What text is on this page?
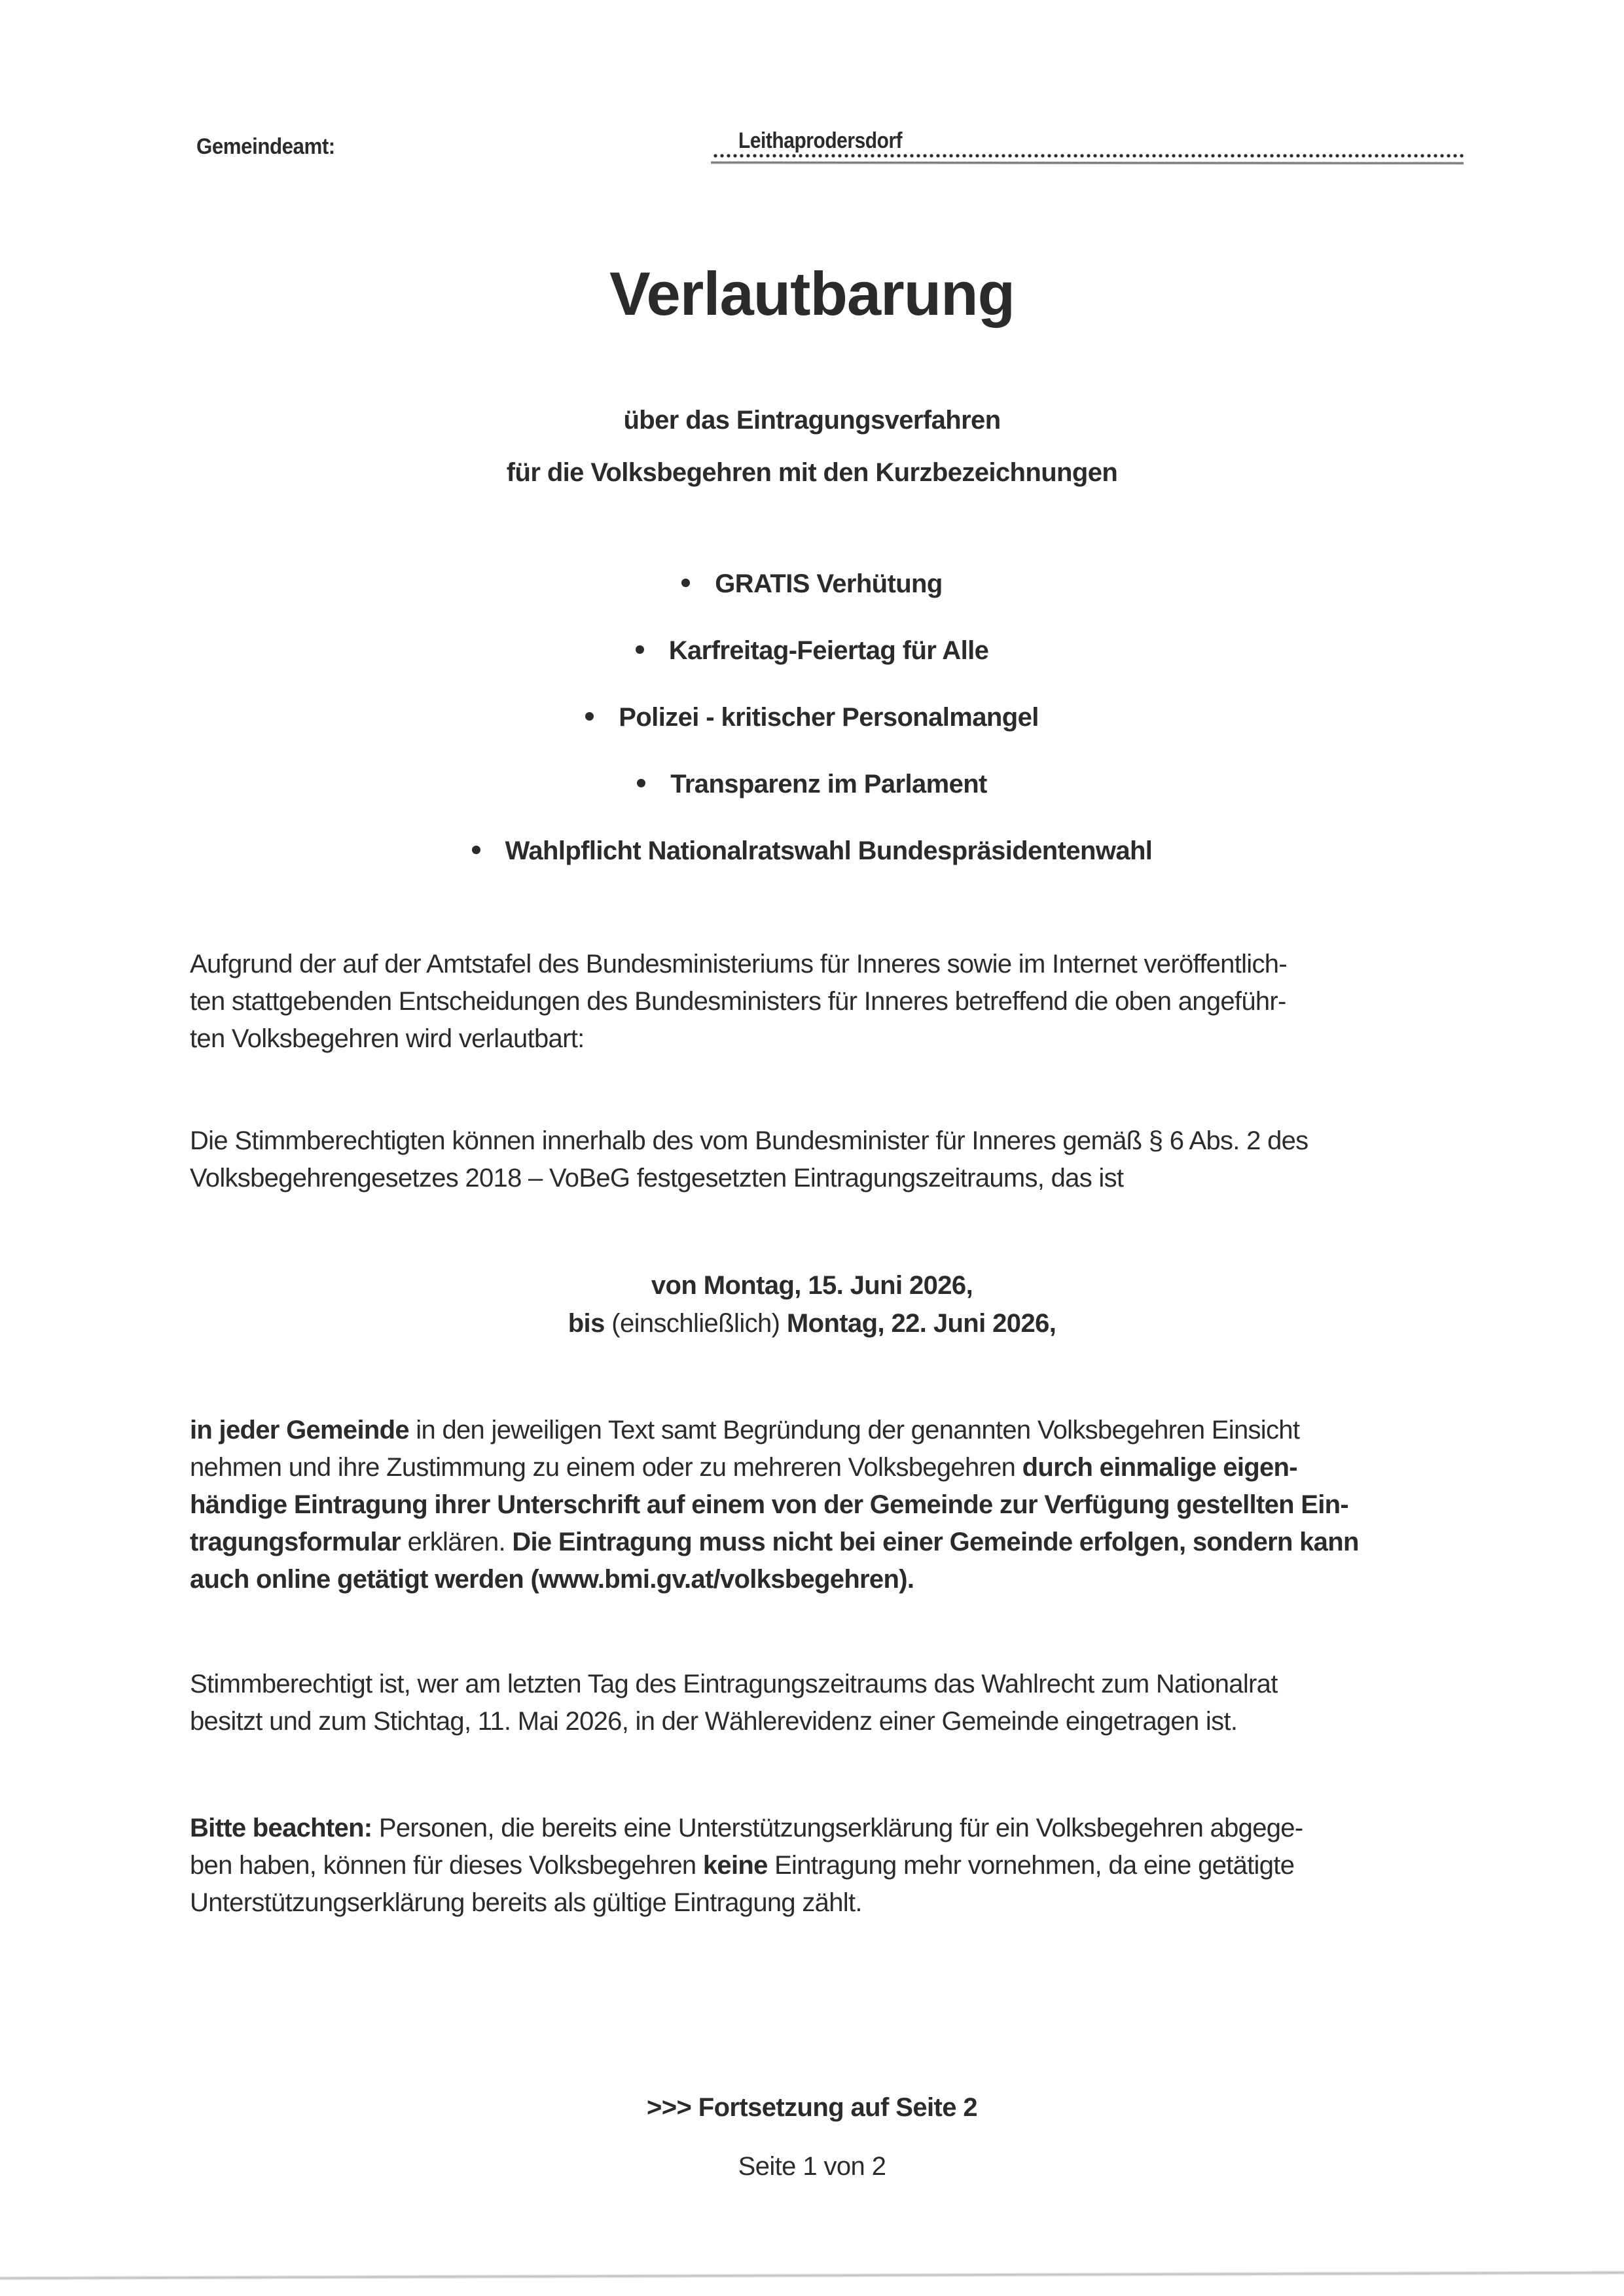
Gemeindeamt:	Leithaprodersdorf
Verlautbarung
über das Eintragungsverfahren
für die Volksbegehren mit den Kurzbezeichnungen
GRATIS Verhütung
Karfreitag-Feiertag für Alle
Polizei - kritischer Personalmangel
Transparenz im Parlament
Wahlpflicht Nationalratswahl Bundespräsidentenwahl
Aufgrund der auf der Amtstafel des Bundesministeriums für Inneres sowie im Internet veröffentlich-
ten stattgebenden Entscheidungen des Bundesministers für Inneres betreffend die oben angeführ-
ten Volksbegehren wird verlautbart:
Die Stimmberechtigten können innerhalb des vom Bundesminister für Inneres gemäß § 6 Abs. 2 des
Volksbegehrengesetzes 2018 – VoBeG festgesetzten Eintragungszeitraums, das ist
von Montag, 15. Juni 2026,
bis (einschließlich) Montag, 22. Juni 2026,
in jeder Gemeinde in den jeweiligen Text samt Begründung der genannten Volksbegehren Einsicht
nehmen und ihre Zustimmung zu einem oder zu mehreren Volksbegehren durch einmalige eigen-
händige Eintragung ihrer Unterschrift auf einem von der Gemeinde zur Verfügung gestellten Ein-
tragungsformular erklären. Die Eintragung muss nicht bei einer Gemeinde erfolgen, sondern kann
auch online getätigt werden (www.bmi.gv.at/volksbegehren).
Stimmberechtigt ist, wer am letzten Tag des Eintragungszeitraums das Wahlrecht zum Nationalrat
besitzt und zum Stichtag, 11. Mai 2026, in der Wählerevidenz einer Gemeinde eingetragen ist.
Bitte beachten: Personen, die bereits eine Unterstützungserklärung für ein Volksbegehren abgege-
ben haben, können für dieses Volksbegehren keine Eintragung mehr vornehmen, da eine getätigte
Unterstützungserklärung bereits als gültige Eintragung zählt.
>>> Fortsetzung auf Seite 2
Seite 1 von 2
